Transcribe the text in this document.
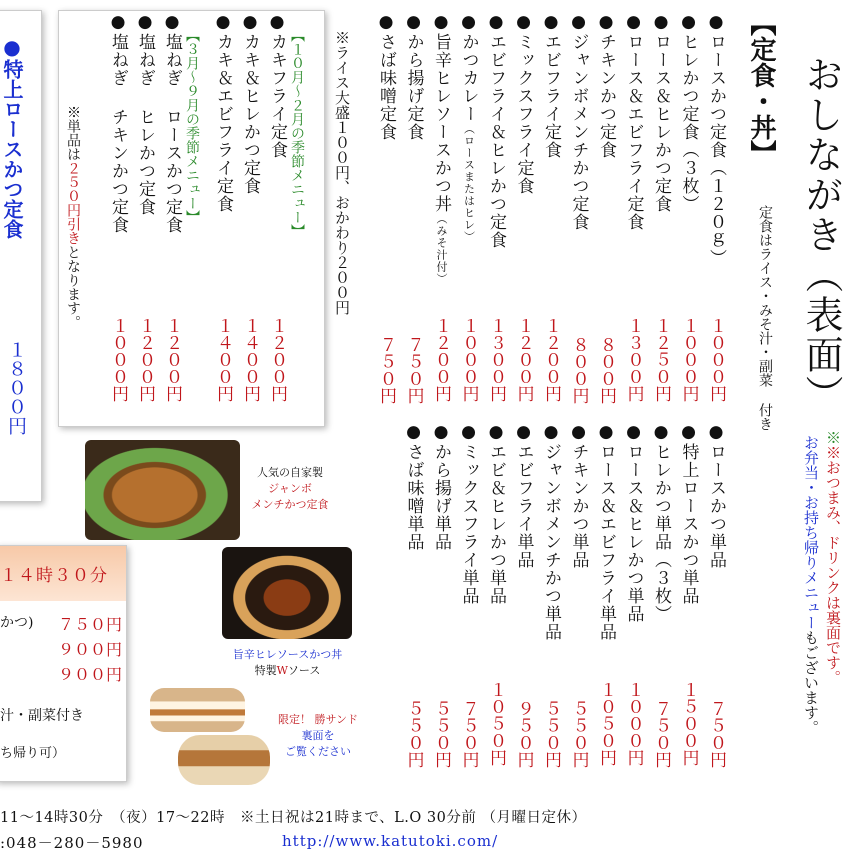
おしながき（表面）
※※おつまみ、ドリンクは裏面です。
お弁当・お持ち帰りメニューもございます。
【定食・丼】
定食はライス・みそ汁・副菜 付き
●ロースかつ定食（１２０ｇ）
１０００円
●ヒレかつ定食（３枚）
１０００円
●ロース＆ヒレかつ定食
１２５０円
●ロース＆エビフライ定食
１３００円
●チキンかつ定食
８００円
●ジャンボメンチかつ定食
８００円
●エビフライ定食
１２００円
●ミックスフライ定食
１２００円
●エビフライ＆ヒレかつ定食
１３００円
●かつカレー（ロースまたはヒレ）
１０００円
●旨辛ヒレソースかつ丼（みそ汁付）
１２００円
●から揚げ定食
７５０円
●さば味噌定食
７５０円
※ライス大盛１００円、おかわり２００円
【１０月～２月の季節メニュー】
【３月～９月の季節メニュー】	●カキフライ定食
１２００円
●カキ＆ヒレかつ定食
１４００円
●カキ＆エビフライ定食
１４００円
●塩ねぎ ロースかつ定食
１２００円
●塩ねぎ ヒレかつ定食
１２００円
●塩ねぎ チキンかつ定食
１０００円
※単品は２５０円引きとなります。
●ロースかつ単品
７５０円
●特上ロースかつ単品
１５００円
●ヒレかつ単品（３枚）
７５０円
●ロース＆ヒレかつ単品
１０００円
●ロース＆エビフライ単品
１０５０円
●チキンかつ単品
５５０円
●ジャンボメンチかつ単品
５５０円
●エビフライ単品
９５０円
●エビ＆ヒレかつ単品
１０５０円
●ミックスフライ単品
７５０円
●から揚げ単品
５５０円
●さば味噌単品
５５０円
●特上ロースかつ定食
１８００円
１４時３０分
かつ) ７５０円
９００円
９００円
汁・副菜付き
ち帰り可）
人気の自家製
ジャンボ
メンチかつ定食
旨辛ヒレソースかつ丼
特製Wソース
限定！ 勝サンド
裏面を
ご覧ください
11～14時30分　（夜）17～22時　※土日祝は21時まで、L.O 30分前 （月曜日定休）
:048－280－5980	http://www.katutoki.com/
